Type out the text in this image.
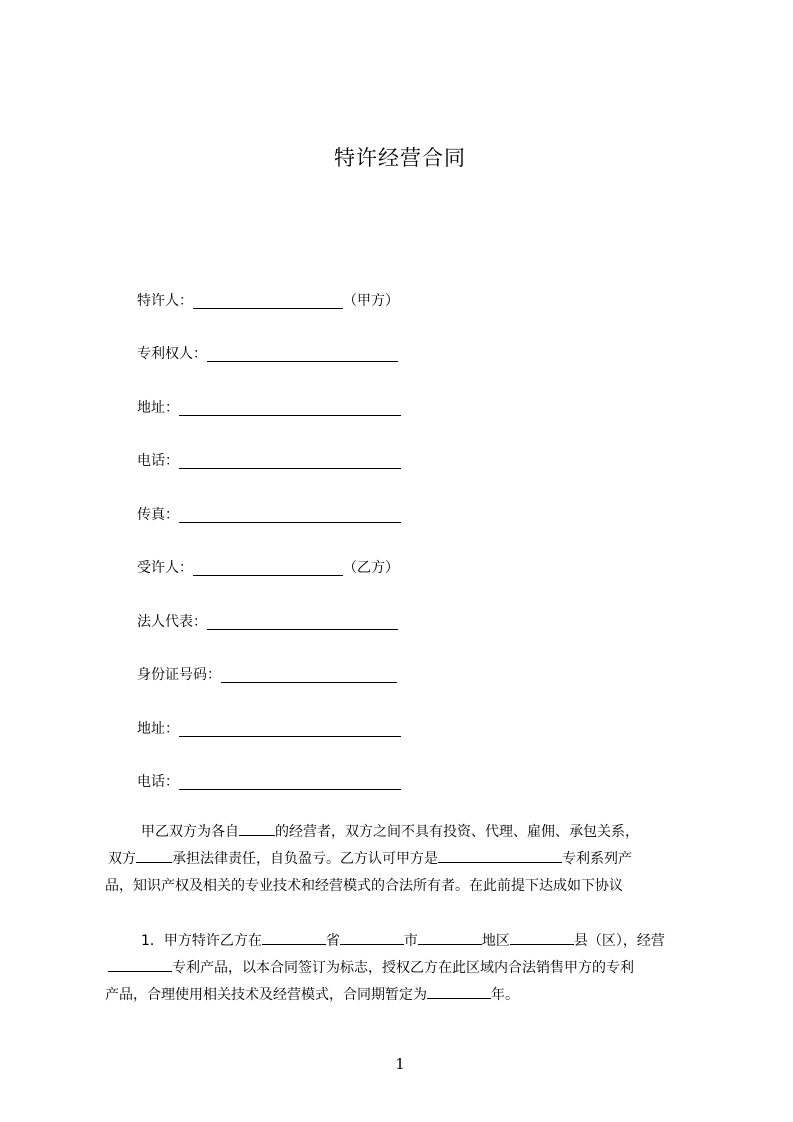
特许经营合同
特许人：	（甲方）
专利权人：
地址：
电话：
传真：
受许人：	（乙方）
法人代表：
身份证号码：
地址：
电话：
甲乙双方为各自	的经营者，双方之间不具有投资、代理、雇佣、承包关系，
双方	承担法律责任，自负盈亏。乙方认可甲方是	专利系列产
品，知识产权及相关的专业技术和经营模式的合法所有者。在此前提下达成如下协议
1．甲方特许乙方在	省	市	地区	县（区），经营
专利产品，以本合同签订为标志，授权乙方在此区域内合法销售甲方的专利
产品，合理使用相关技术及经营模式，合同期暂定为	年。
1
